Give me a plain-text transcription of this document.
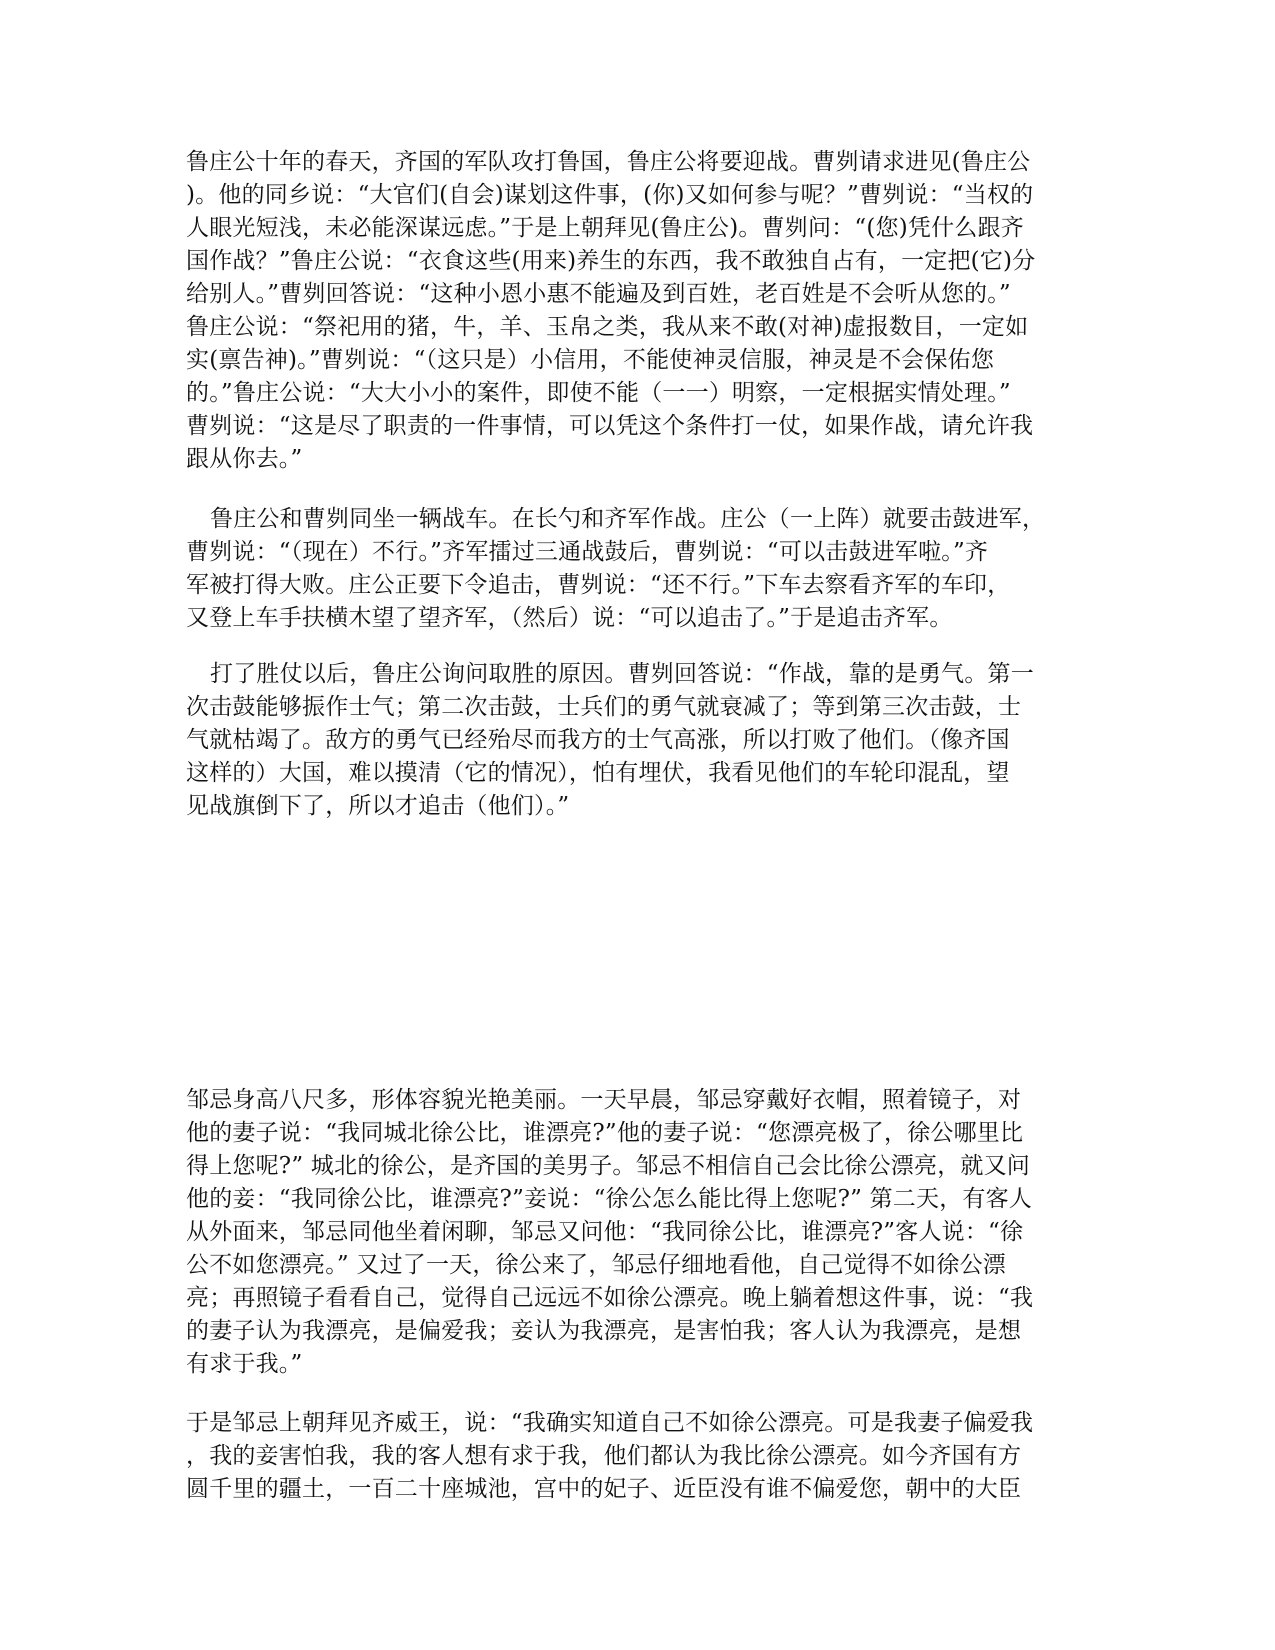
鲁庄公十年的春天，齐国的军队攻打鲁国，鲁庄公将要迎战。曹刿请求进见(鲁庄公
)。他的同乡说：“大官们(自会)谋划这件事，(你)又如何参与呢？”曹刿说：“当权的
人眼光短浅，未必能深谋远虑。”于是上朝拜见(鲁庄公)。曹刿问：“(您)凭什么跟齐
国作战？”鲁庄公说：“衣食这些(用来)养生的东西，我不敢独自占有，一定把(它)分
给别人。”曹刿回答说：“这种小恩小惠不能遍及到百姓，老百姓是不会听从您的。”
鲁庄公说：“祭祀用的猪，牛，羊、玉帛之类，我从来不敢(对神)虚报数目，一定如
实(禀告神)。”曹刿说：“（这只是）小信用，不能使神灵信服，神灵是不会保佑您
的。”鲁庄公说：“大大小小的案件，即使不能（一一）明察，一定根据实情处理。”
曹刿说：“这是尽了职责的一件事情，可以凭这个条件打一仗，如果作战，请允许我
跟从你去。”
鲁庄公和曹刿同坐一辆战车。在长勺和齐军作战。庄公（一上阵）就要击鼓进军，
曹刿说：“（现在）不行。”齐军擂过三通战鼓后，曹刿说：“可以击鼓进军啦。”齐
军被打得大败。庄公正要下令追击，曹刿说：“还不行。”下车去察看齐军的车印，
又登上车手扶横木望了望齐军，（然后）说：“可以追击了。”于是追击齐军。
打了胜仗以后，鲁庄公询问取胜的原因。曹刿回答说：“作战，靠的是勇气。第一
次击鼓能够振作士气；第二次击鼓，士兵们的勇气就衰减了；等到第三次击鼓，士
气就枯竭了。敌方的勇气已经殆尽而我方的士气高涨，所以打败了他们。（像齐国
这样的）大国，难以摸清（它的情况），怕有埋伏，我看见他们的车轮印混乱，望
见战旗倒下了，所以才追击（他们）。”
邹忌身高八尺多，形体容貌光艳美丽。一天早晨，邹忌穿戴好衣帽，照着镜子，对
他的妻子说：“我同城北徐公比，谁漂亮?”他的妻子说：“您漂亮极了，徐公哪里比
得上您呢?” 城北的徐公，是齐国的美男子。邹忌不相信自己会比徐公漂亮，就又问
他的妾：“我同徐公比，谁漂亮?”妾说：“徐公怎么能比得上您呢?” 第二天，有客人
从外面来，邹忌同他坐着闲聊，邹忌又问他：“我同徐公比，谁漂亮?”客人说：“徐
公不如您漂亮。” 又过了一天，徐公来了，邹忌仔细地看他，自己觉得不如徐公漂
亮；再照镜子看看自己，觉得自己远远不如徐公漂亮。晚上躺着想这件事，说：“我
的妻子认为我漂亮，是偏爱我；妾认为我漂亮，是害怕我；客人认为我漂亮，是想
有求于我。”
于是邹忌上朝拜见齐威王，说：“我确实知道自己不如徐公漂亮。可是我妻子偏爱我
，我的妾害怕我，我的客人想有求于我，他们都认为我比徐公漂亮。如今齐国有方
圆千里的疆土，一百二十座城池，宫中的妃子、近臣没有谁不偏爱您，朝中的大臣
